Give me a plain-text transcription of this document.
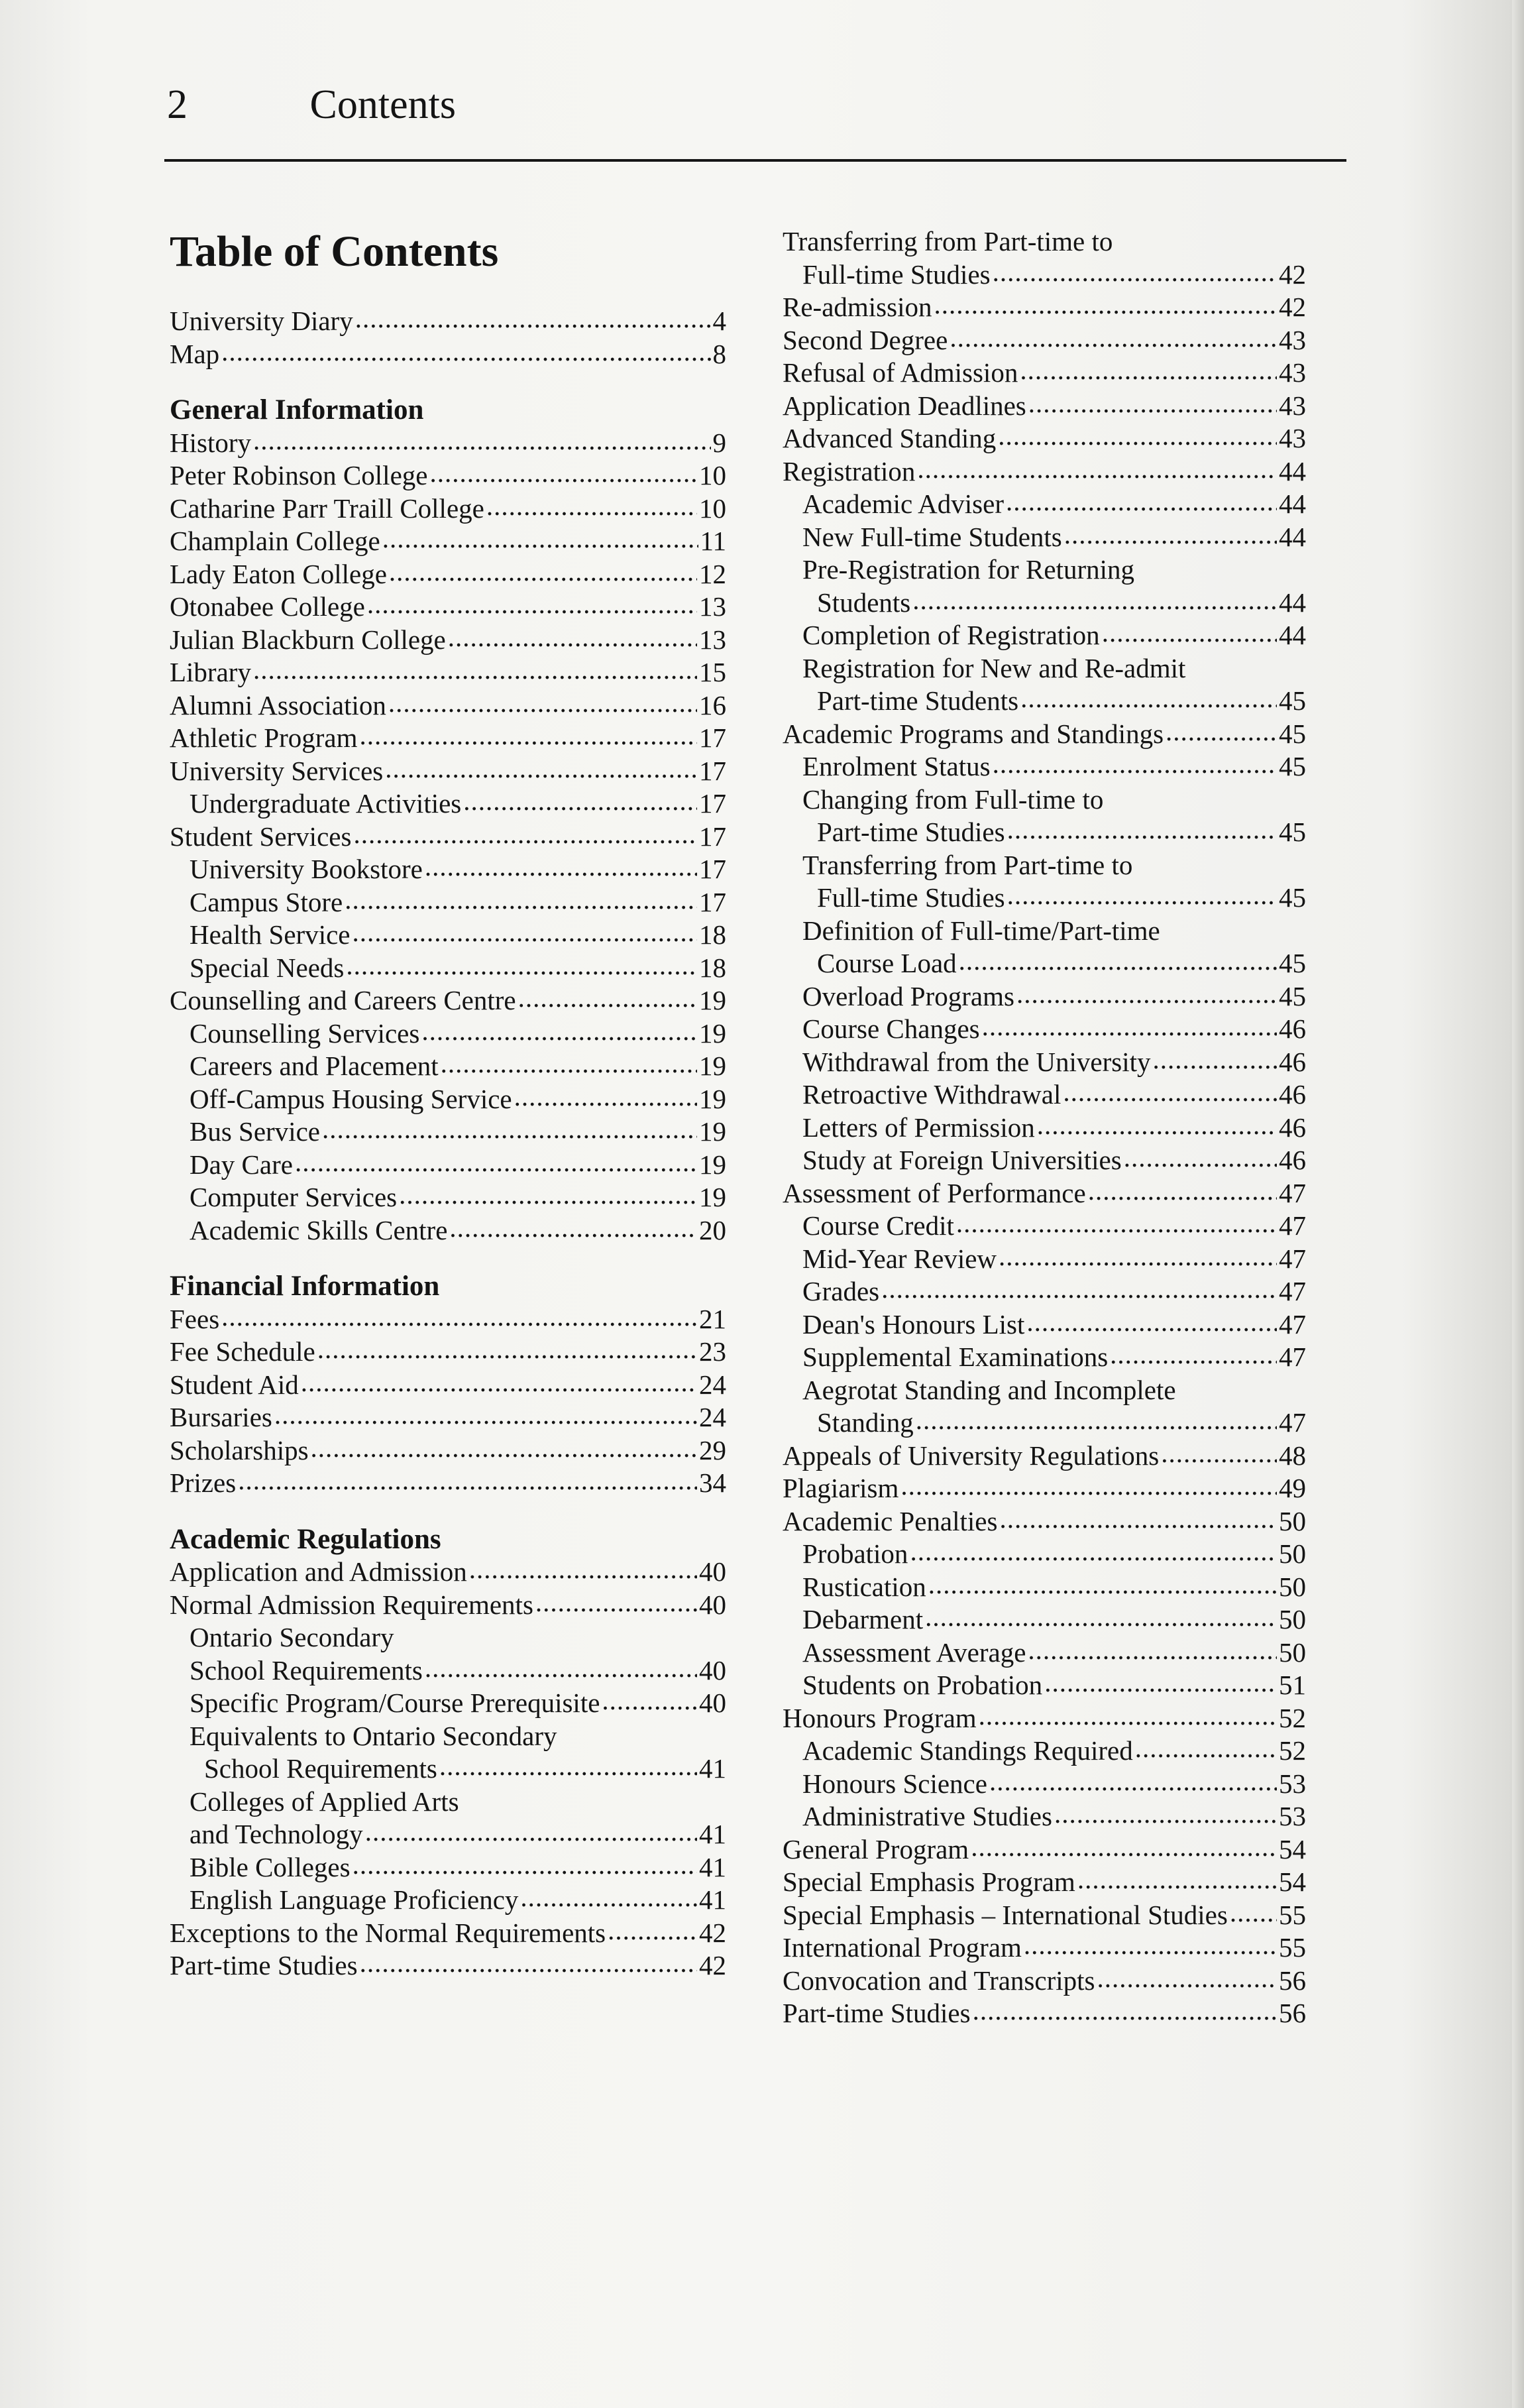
2	Contents
Table of Contents
University Diary .....	4
Map .....	8
General Information
History .....	9
Peter Robinson College .....	10
Catharine Parr Traill College .....	10
Champlain College .....	11
Lady Eaton College .....	12
Otonabee College .....	13
Julian Blackburn College .....	13
Library .....	15
Alumni Association .....	16
Athletic Program .....	17
University Services .....	17
Undergraduate Activities .....	17
Student Services .....	17
University Bookstore .....	17
Campus Store .....	17
Health Service .....	18
Special Needs .....	18
Counselling and Careers Centre .....	19
Counselling Services .....	19
Careers and Placement .....	19
Off-Campus Housing Service .....	19
Bus Service .....	19
Day Care .....	19
Computer Services .....	19
Academic Skills Centre .....	20
Financial Information
Fees .....	21
Fee Schedule .....	23
Student Aid .....	24
Bursaries .....	24
Scholarships .....	29
Prizes .....	34
Academic Regulations
Application and Admission .....	40
Normal Admission Requirements .....	40
Ontario Secondary
School Requirements .....	40
Specific Program/Course Prerequisite .....	40
Equivalents to Ontario Secondary
School Requirements .....	41
Colleges of Applied Arts
and Technology .....	41
Bible Colleges .....	41
English Language Proficiency .....	41
Exceptions to the Normal Requirements .....	42
Part-time Studies .....	42
Transferring from Part-time to
Full-time Studies .....	42
Re-admission .....	42
Second Degree .....	43
Refusal of Admission .....	43
Application Deadlines .....	43
Advanced Standing .....	43
Registration .....	44
Academic Adviser .....	44
New Full-time Students .....	44
Pre-Registration for Returning
Students .....	44
Completion of Registration .....	44
Registration for New and Re-admit
Part-time Students .....	45
Academic Programs and Standings .....	45
Enrolment Status .....	45
Changing from Full-time to
Part-time Studies .....	45
Transferring from Part-time to
Full-time Studies .....	45
Definition of Full-time/Part-time
Course Load .....	45
Overload Programs .....	45
Course Changes .....	46
Withdrawal from the University .....	46
Retroactive Withdrawal .....	46
Letters of Permission .....	46
Study at Foreign Universities .....	46
Assessment of Performance .....	47
Course Credit .....	47
Mid-Year Review .....	47
Grades .....	47
Dean's Honours List .....	47
Supplemental Examinations .....	47
Aegrotat Standing and Incomplete
Standing .....	47
Appeals of University Regulations .....	48
Plagiarism .....	49
Academic Penalties .....	50
Probation .....	50
Rustication .....	50
Debarment .....	50
Assessment Average .....	50
Students on Probation .....	51
Honours Program .....	52
Academic Standings Required .....	52
Honours Science .....	53
Administrative Studies .....	53
General Program .....	54
Special Emphasis Program .....	54
Special Emphasis – International Studies ..... 55
International Program .....	55
Convocation and Transcripts .....	56
Part-time Studies .....	56
